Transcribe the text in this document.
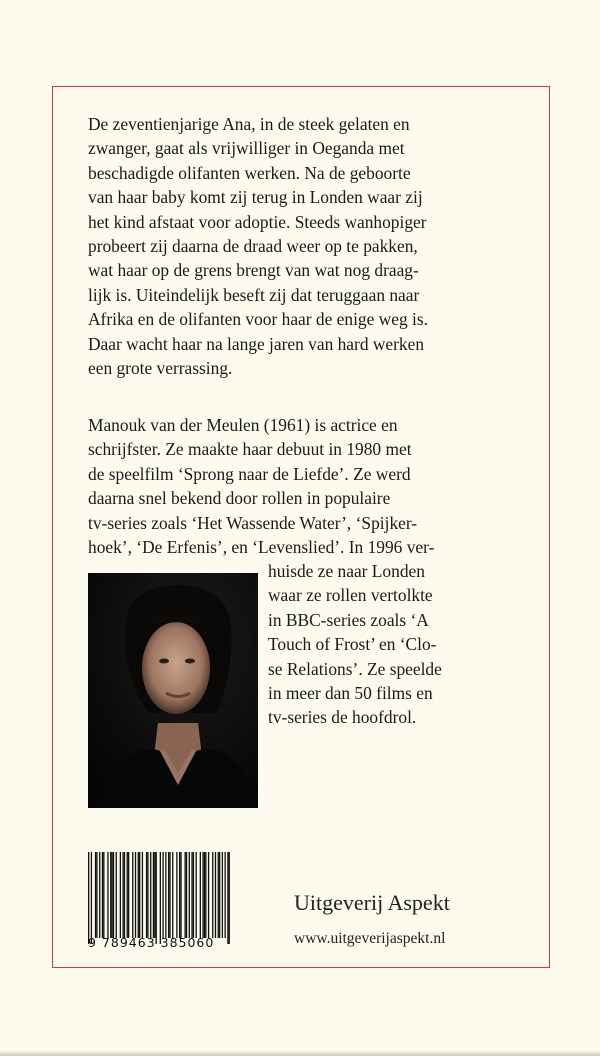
De zeventienjarige Ana, in de steek gelaten en
zwanger, gaat als vrijwilliger in Oeganda met
beschadigde olifanten werken. Na de geboorte
van haar baby komt zij terug in Londen waar zij
het kind afstaat voor adoptie. Steeds wanhopiger
probeert zij daarna de draad weer op te pakken,
wat haar op de grens brengt van wat nog draag-
lijk is. Uiteindelijk beseft zij dat teruggaan naar
Afrika en de olifanten voor haar de enige weg is.
Daar wacht haar na lange jaren van hard werken
een grote verrassing.

Manouk van der Meulen (1961) is actrice en
schrijfster. Ze maakte haar debuut in 1980 met
de speelfilm ‘Sprong naar de Liefde’. Ze werd
daarna snel bekend door rollen in populaire
tv-series zoals ‘Het Wassende Water’, ‘Spijker-
hoek’, ‘De Erfenis’, en ‘Levenslied’. In 1996 ver-

huisde ze naar Londen
waar ze rollen vertolkte
in BBC-series zoals ‘A
Touch of Frost’ en ‘Clo-
se Relations’. Ze speelde
in meer dan 50 films en
tv-series de hoofdrol.

9 789463 385060
Uitgeverij Aspekt
www.uitgeverijaspekt.nl
